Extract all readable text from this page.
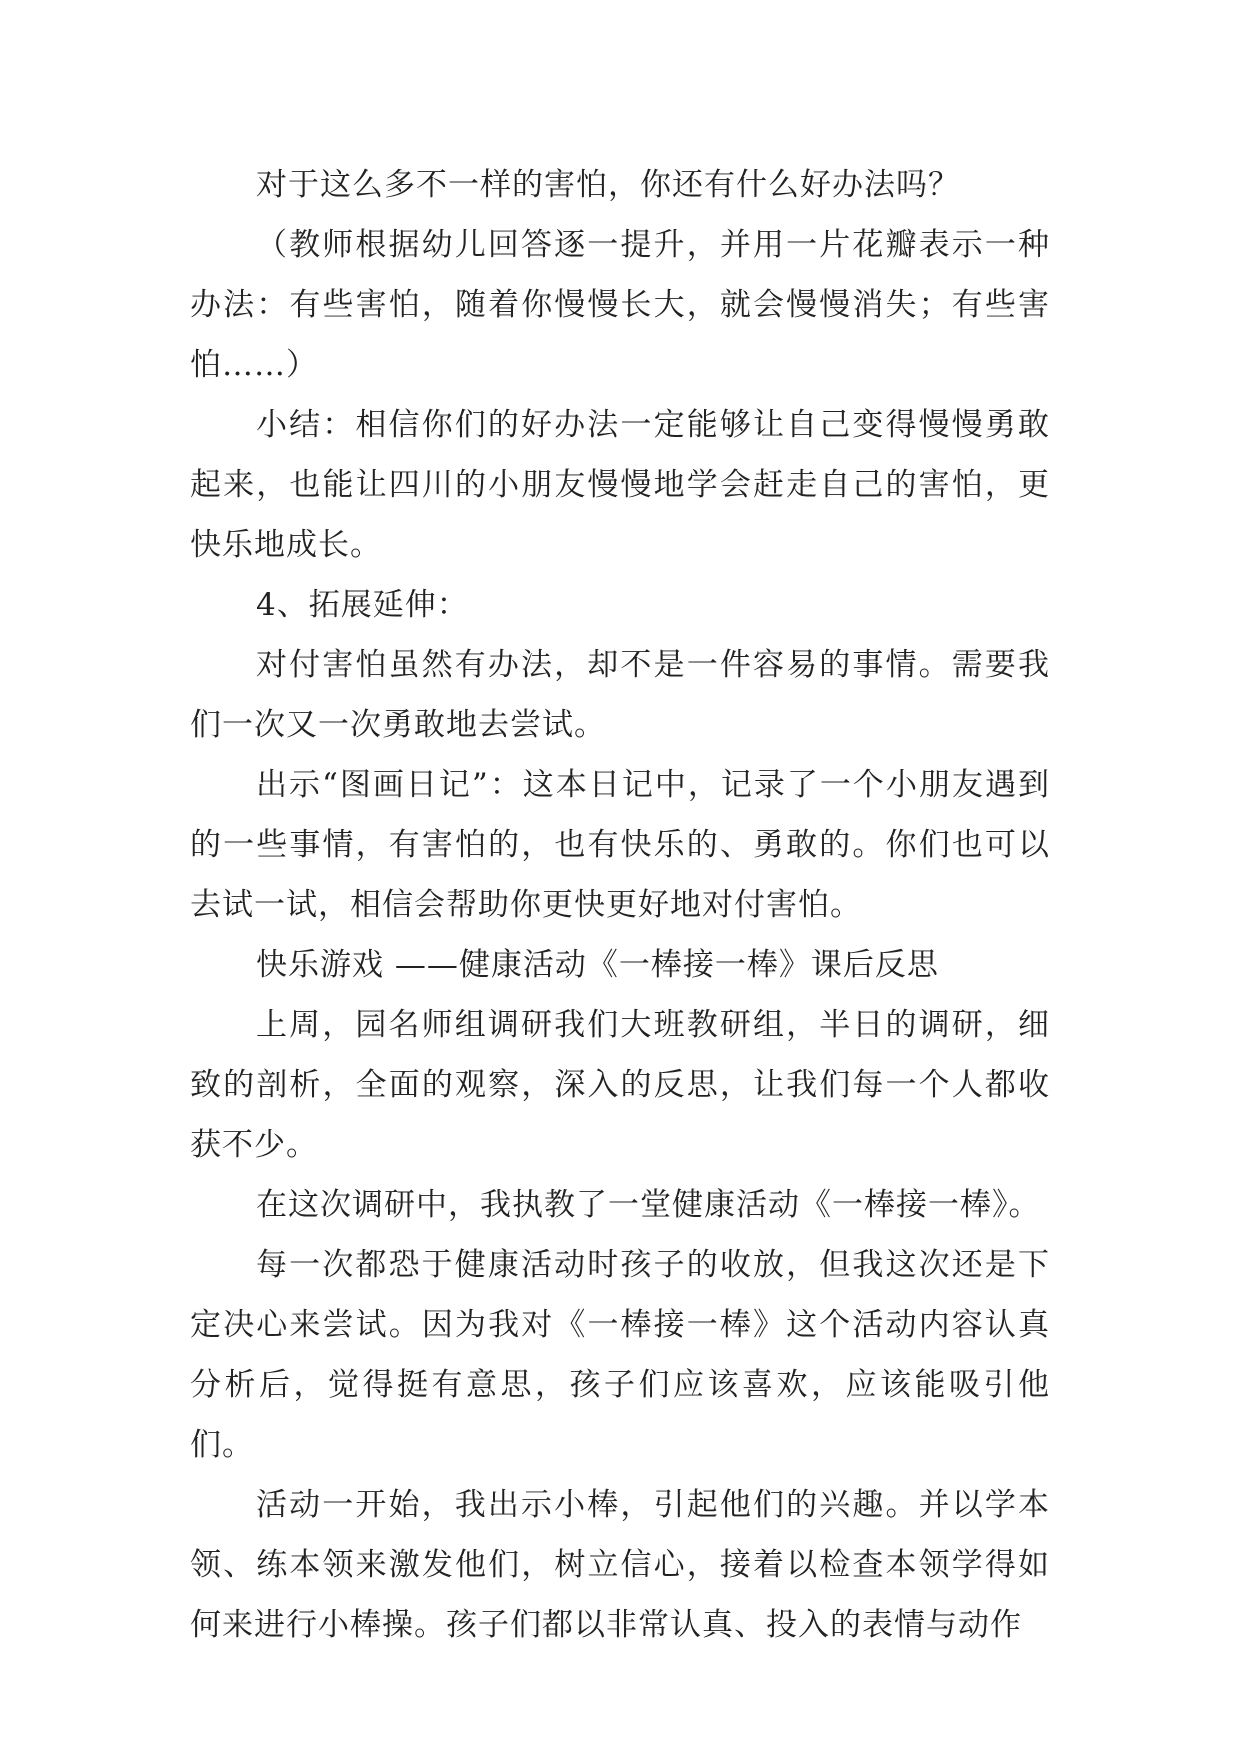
对于这么多不一样的害怕，你还有什么好办法吗？

（教师根据幼儿回答逐一提升，并用一片花瓣表示一种办法：有些害怕，随着你慢慢长大，就会慢慢消失；有些害怕……）

小结：相信你们的好办法一定能够让自己变得慢慢勇敢起来，也能让四川的小朋友慢慢地学会赶走自己的害怕，更快乐地成长。

4、拓展延伸：

对付害怕虽然有办法，却不是一件容易的事情。需要我们一次又一次勇敢地去尝试。

出示“图画日记”：这本日记中，记录了一个小朋友遇到的一些事情，有害怕的，也有快乐的、勇敢的。你们也可以去试一试，相信会帮助你更快更好地对付害怕。

快乐游戏 ——健康活动《一棒接一棒》课后反思

上周，园名师组调研我们大班教研组，半日的调研，细致的剖析，全面的观察，深入的反思，让我们每一个人都收获不少。

在这次调研中，我执教了一堂健康活动《一棒接一棒》。

每一次都恐于健康活动时孩子的收放，但我这次还是下定决心来尝试。因为我对《一棒接一棒》这个活动内容认真分析后，觉得挺有意思，孩子们应该喜欢，应该能吸引他们。

活动一开始，我出示小棒，引起他们的兴趣。并以学本领、练本领来激发他们，树立信心，接着以检查本领学得如何来进行小棒操。孩子们都以非常认真、投入的表情与动作
